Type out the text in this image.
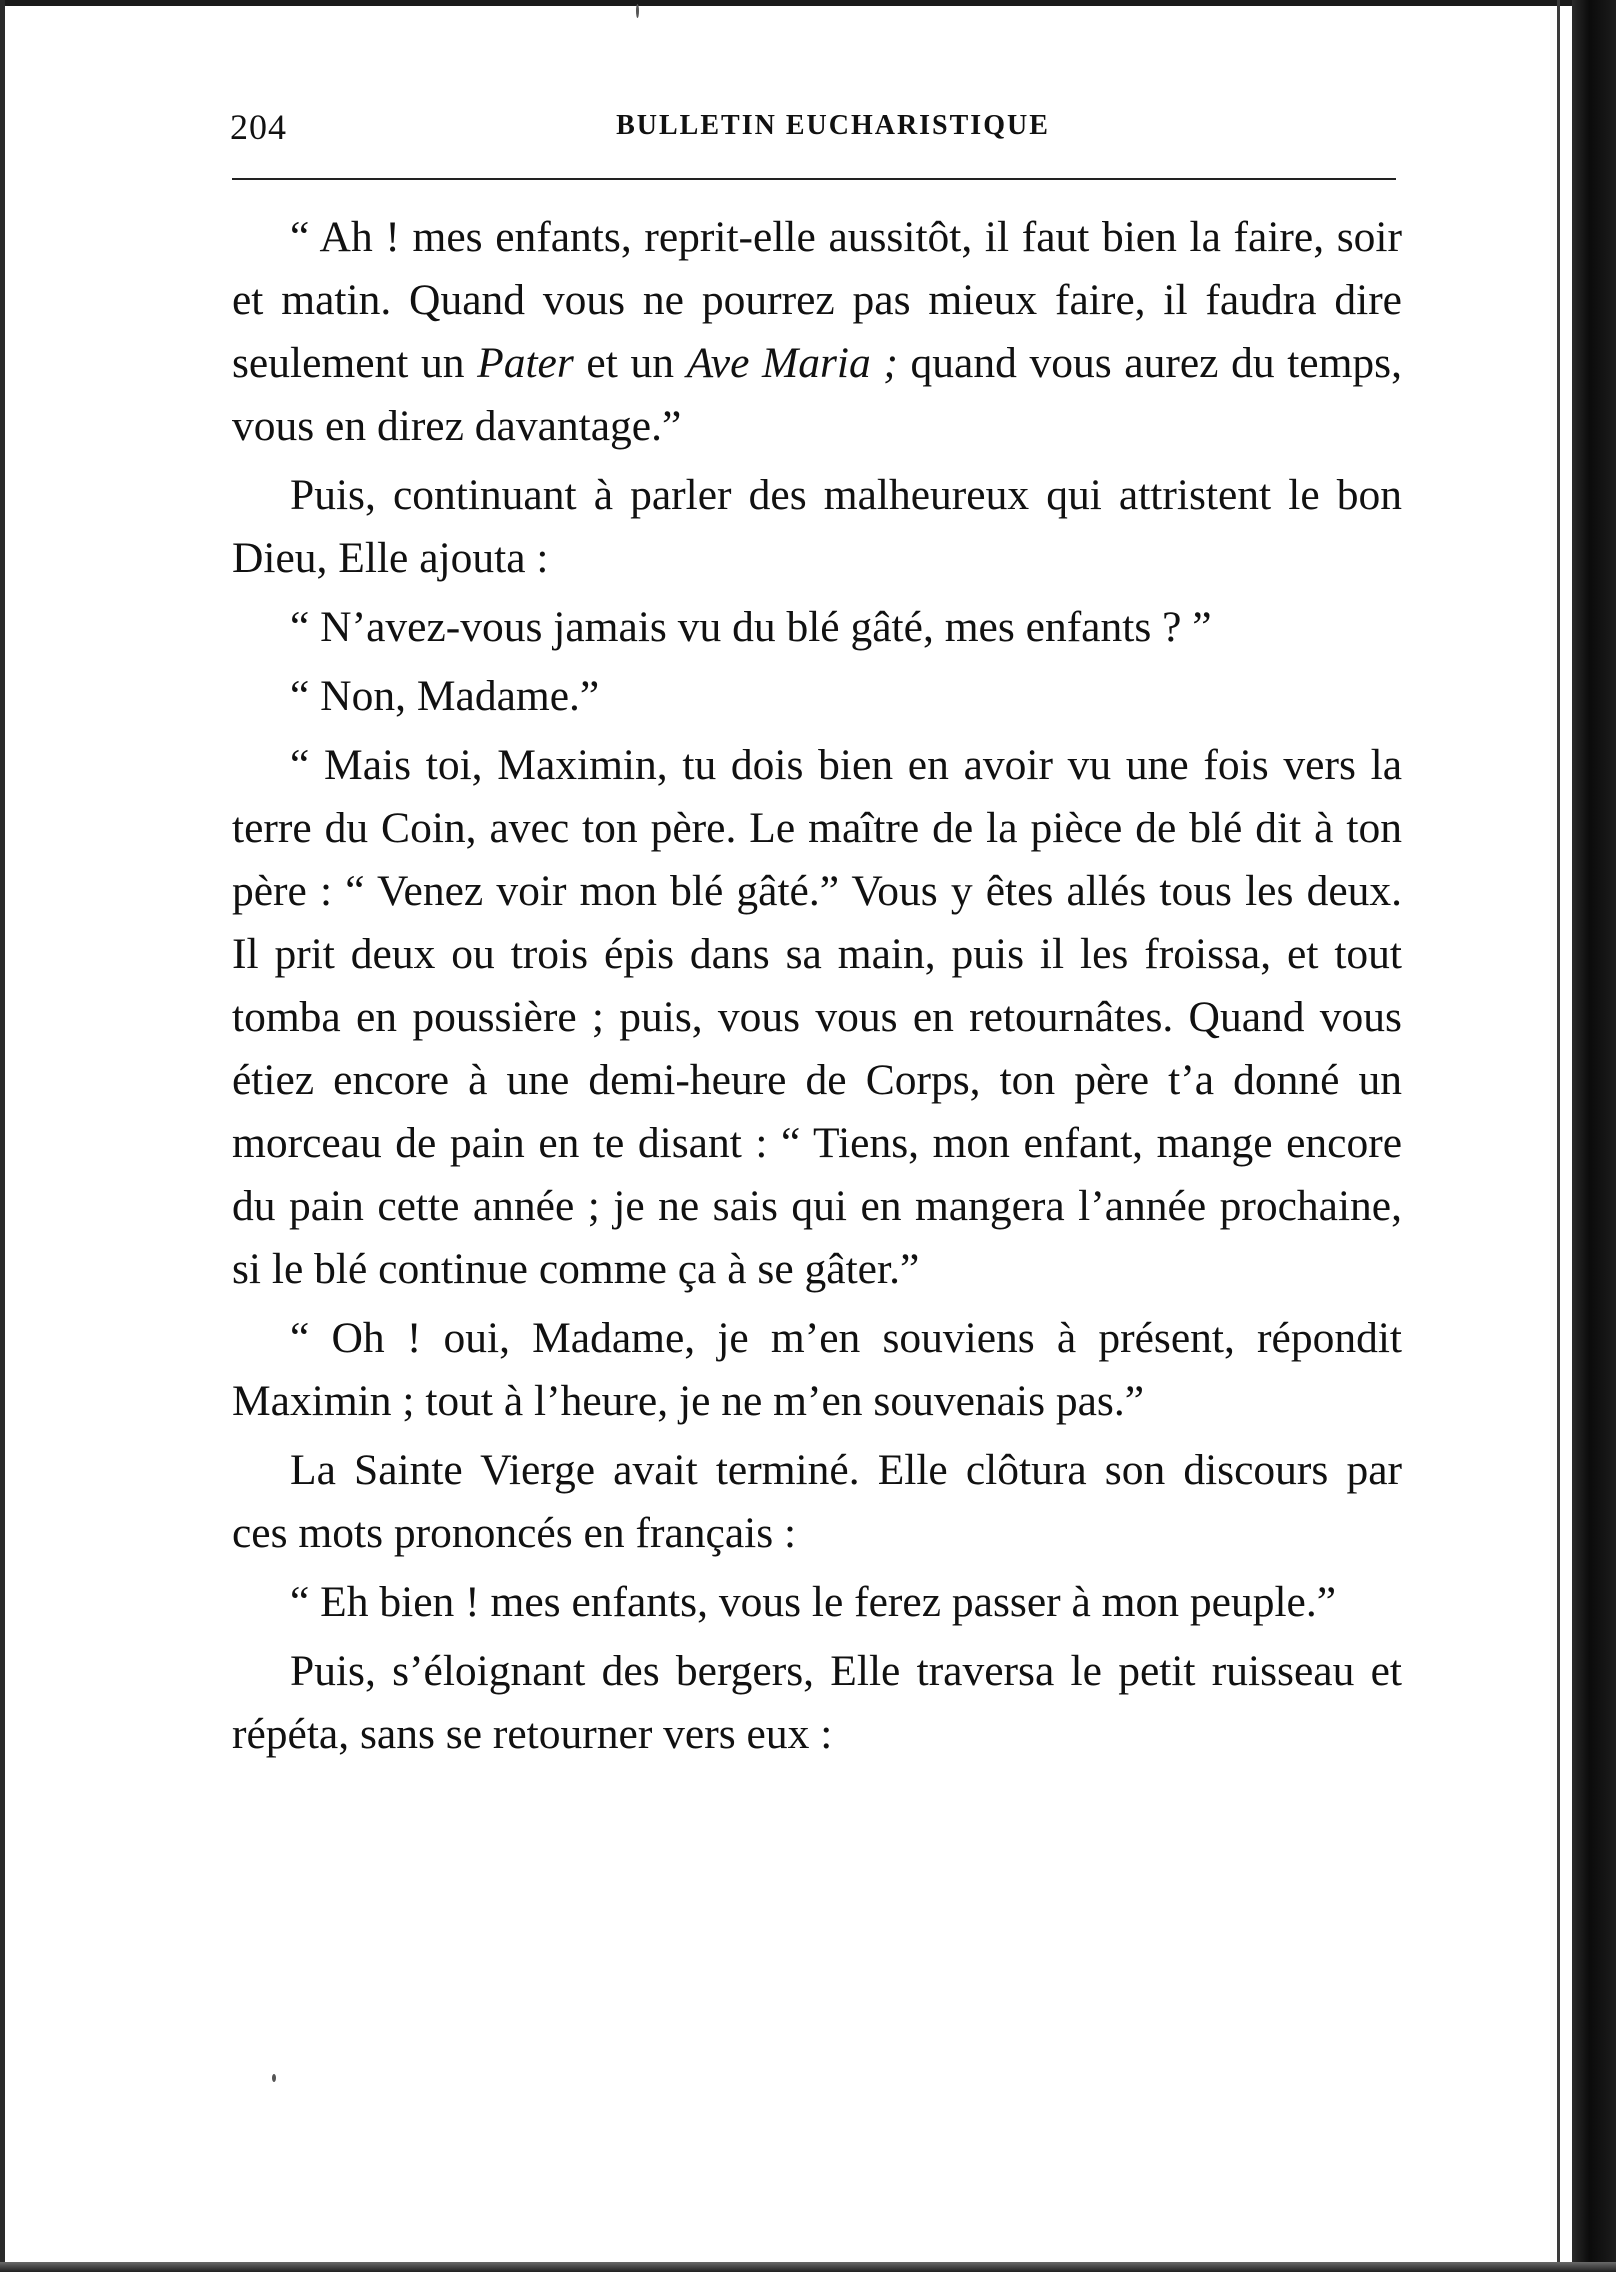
204	BULLETIN EUCHARISTIQUE

“ Ah ! mes enfants, reprit-elle aussitôt, il faut bien la faire, soir et matin. Quand vous ne pourrez pas mieux faire, il faudra dire seulement un Pater et un Ave Maria ; quand vous aurez du temps, vous en direz davantage.”

Puis, continuant à parler des malheureux qui attristent le bon Dieu, Elle ajouta :

“ N’avez-vous jamais vu du blé gâté, mes enfants ? ”

“ Non, Madame.”

“ Mais toi, Maximin, tu dois bien en avoir vu une fois vers la terre du Coin, avec ton père. Le maître de la pièce de blé dit à ton père : “ Venez voir mon blé gâté.” Vous y êtes allés tous les deux. Il prit deux ou trois épis dans sa main, puis il les froissa, et tout tomba en poussière ; puis, vous vous en retournâtes. Quand vous étiez encore à une demi-heure de Corps, ton père t’a donné un morceau de pain en te disant : “ Tiens, mon enfant, mange encore du pain cette année ; je ne sais qui en mangera l’année prochaine, si le blé continue comme ça à se gâter.”

“ Oh ! oui, Madame, je m’en souviens à présent, répondit Maximin ; tout à l’heure, je ne m’en souvenais pas.”

La Sainte Vierge avait terminé. Elle clôtura son discours par ces mots prononcés en français :

“ Eh bien ! mes enfants, vous le ferez passer à mon peuple.”

Puis, s’éloignant des bergers, Elle traversa le petit ruisseau et répéta, sans se retourner vers eux :
